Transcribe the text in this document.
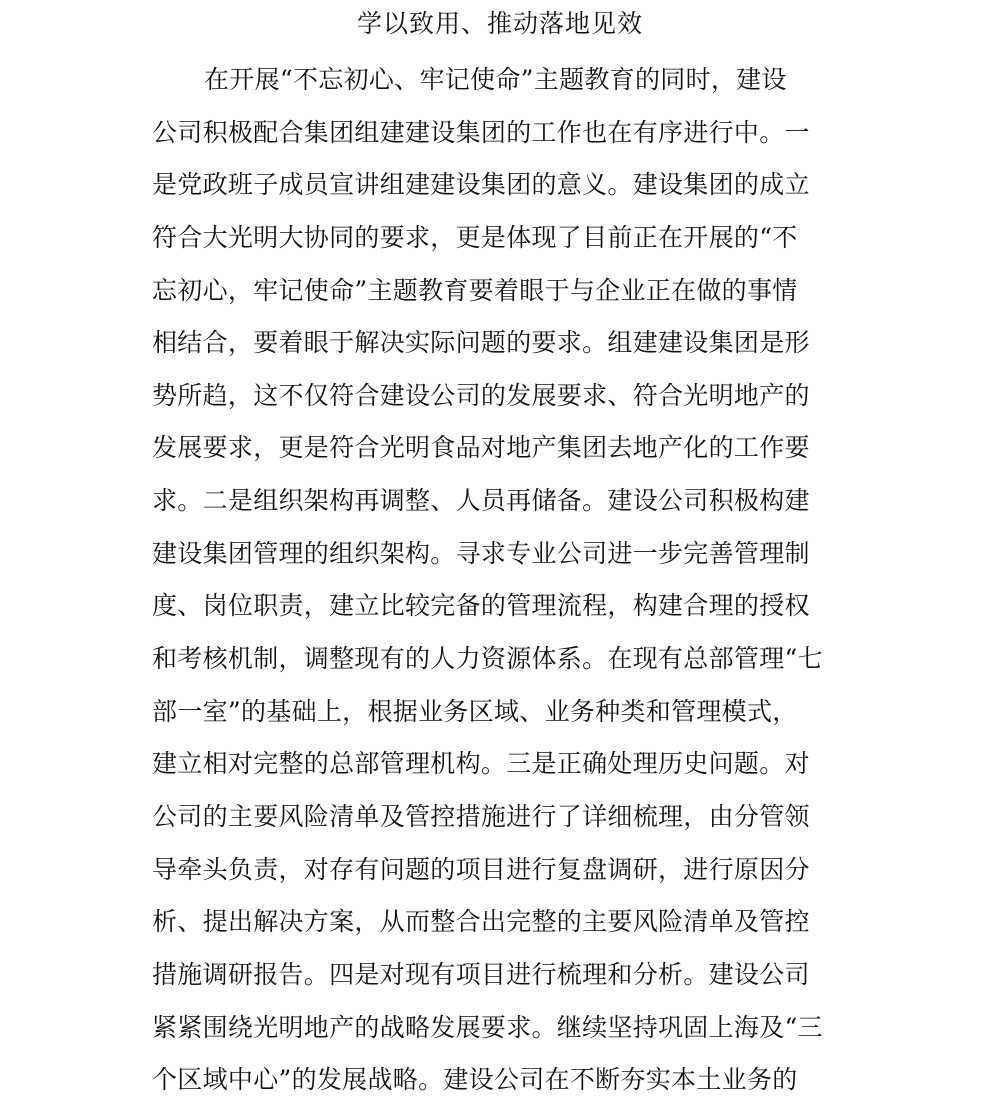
学以致用、推动落地见效
在开展“不忘初心、牢记使命”主题教育的同时，建设
公司积极配合集团组建建设集团的工作也在有序进行中。一
是党政班子成员宣讲组建建设集团的意义。建设集团的成立
符合大光明大协同的要求，更是体现了目前正在开展的“不
忘初心，牢记使命”主题教育要着眼于与企业正在做的事情
相结合，要着眼于解决实际问题的要求。组建建设集团是形
势所趋，这不仅符合建设公司的发展要求、符合光明地产的
发展要求，更是符合光明食品对地产集团去地产化的工作要
求。二是组织架构再调整、人员再储备。建设公司积极构建
建设集团管理的组织架构。寻求专业公司进一步完善管理制
度、岗位职责，建立比较完备的管理流程，构建合理的授权
和考核机制，调整现有的人力资源体系。在现有总部管理“七
部一室”的基础上，根据业务区域、业务种类和管理模式，
建立相对完整的总部管理机构。三是正确处理历史问题。对
公司的主要风险清单及管控措施进行了详细梳理，由分管领
导牵头负责，对存有问题的项目进行复盘调研，进行原因分
析、提出解决方案，从而整合出完整的主要风险清单及管控
措施调研报告。四是对现有项目进行梳理和分析。建设公司
紧紧围绕光明地产的战略发展要求。继续坚持巩固上海及“三
个区域中心”的发展战略。建设公司在不断夯实本土业务的
